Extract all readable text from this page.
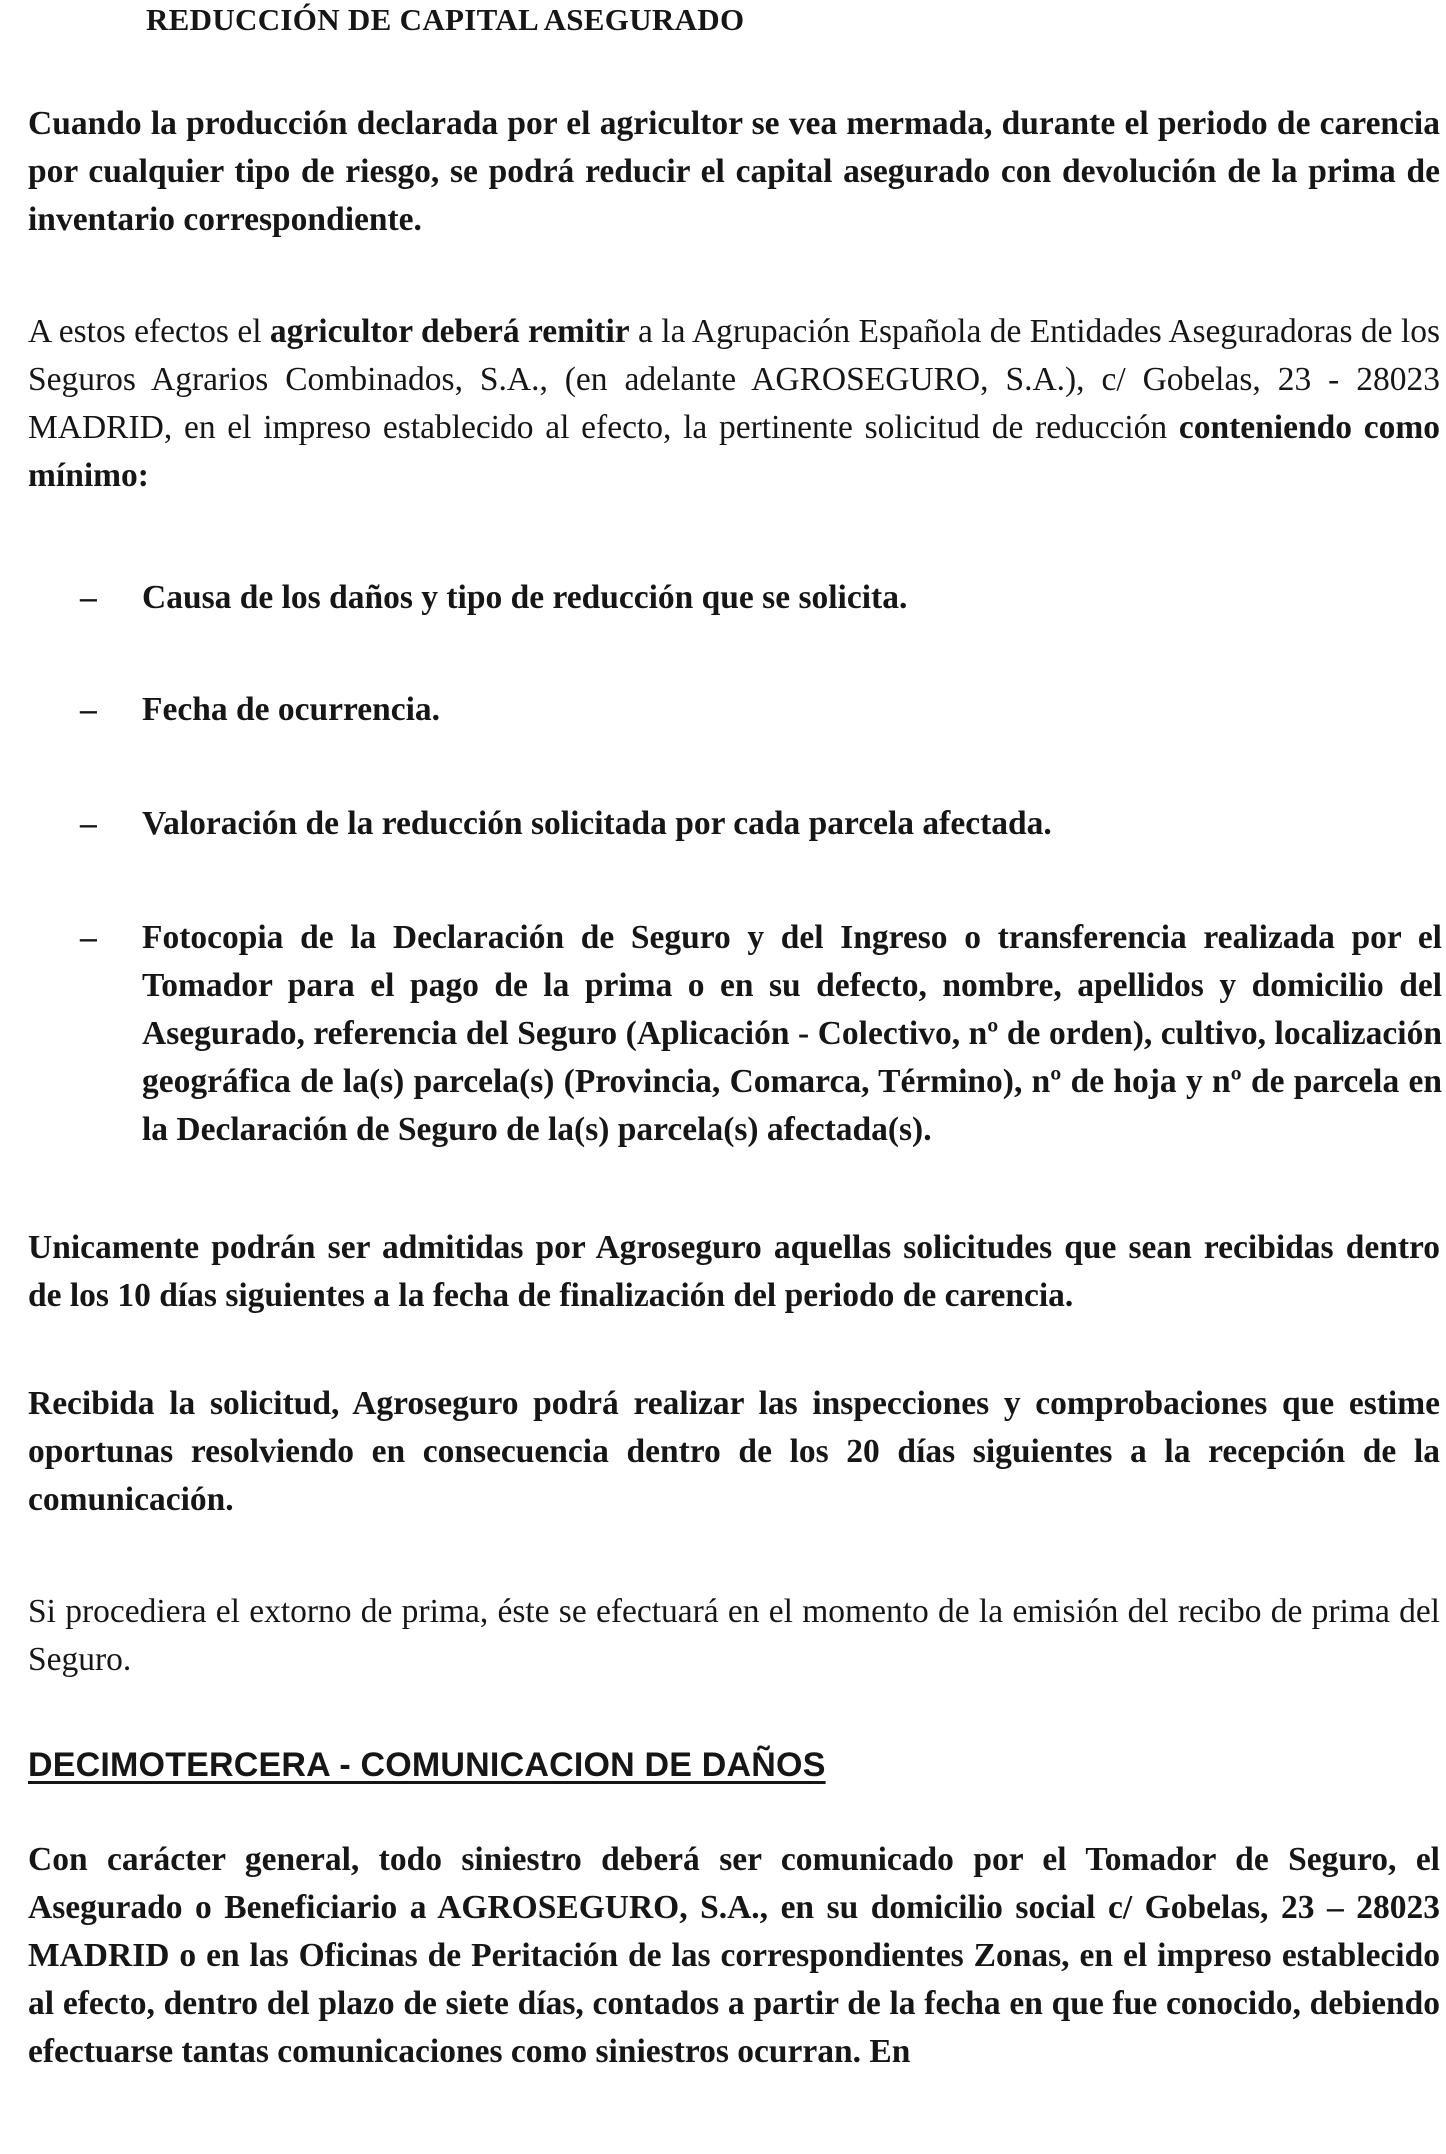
REDUCCIÓN DE CAPITAL ASEGURADO

Cuando la producción declarada por el agricultor se vea mermada, durante el periodo de carencia por cualquier tipo de riesgo, se podrá reducir el capital asegurado con devolución de la prima de inventario correspondiente.

A estos efectos el agricultor deberá remitir a la Agrupación Española de Entidades Aseguradoras de los Seguros Agrarios Combinados, S.A., (en adelante AGROSEGURO, S.A.), c/ Gobelas, 23 - 28023 MADRID, en el impreso establecido al efecto, la pertinente solicitud de reducción conteniendo como mínimo:

–	Causa de los daños y tipo de reducción que se solicita.
–	Fecha de ocurrencia.
–	Valoración de la reducción solicitada por cada parcela afectada.
–	Fotocopia de la Declaración de Seguro y del Ingreso o transferencia realizada por el Tomador para el pago de la prima o en su defecto, nombre, apellidos y domicilio del Asegurado, referencia del Seguro (Aplicación - Colectivo, nº de orden), cultivo, localización geográfica de la(s) parcela(s) (Provincia, Comarca, Término), nº de hoja y nº de parcela en la Declaración de Seguro de la(s) parcela(s) afectada(s).

Unicamente podrán ser admitidas por Agroseguro aquellas solicitudes que sean recibidas dentro de los 10 días siguientes a la fecha de finalización del periodo de carencia.

Recibida la solicitud, Agroseguro podrá realizar las inspecciones y comprobaciones que estime oportunas resolviendo en consecuencia dentro de los 20 días siguientes a la recepción de la comunicación.

Si procediera el extorno de prima, éste se efectuará en el momento de la emisión del recibo de prima del Seguro.

DECIMOTERCERA - COMUNICACION DE DAÑOS

Con carácter general, todo siniestro deberá ser comunicado por el Tomador de Seguro, el Asegurado o Beneficiario a AGROSEGURO, S.A., en su domicilio social c/ Gobelas, 23 – 28023 MADRID o en las Oficinas de Peritación de las correspondientes Zonas, en el impreso establecido al efecto, dentro del plazo de siete días, contados a partir de la fecha en que fue conocido, debiendo efectuarse tantas comunicaciones como siniestros ocurran. En
